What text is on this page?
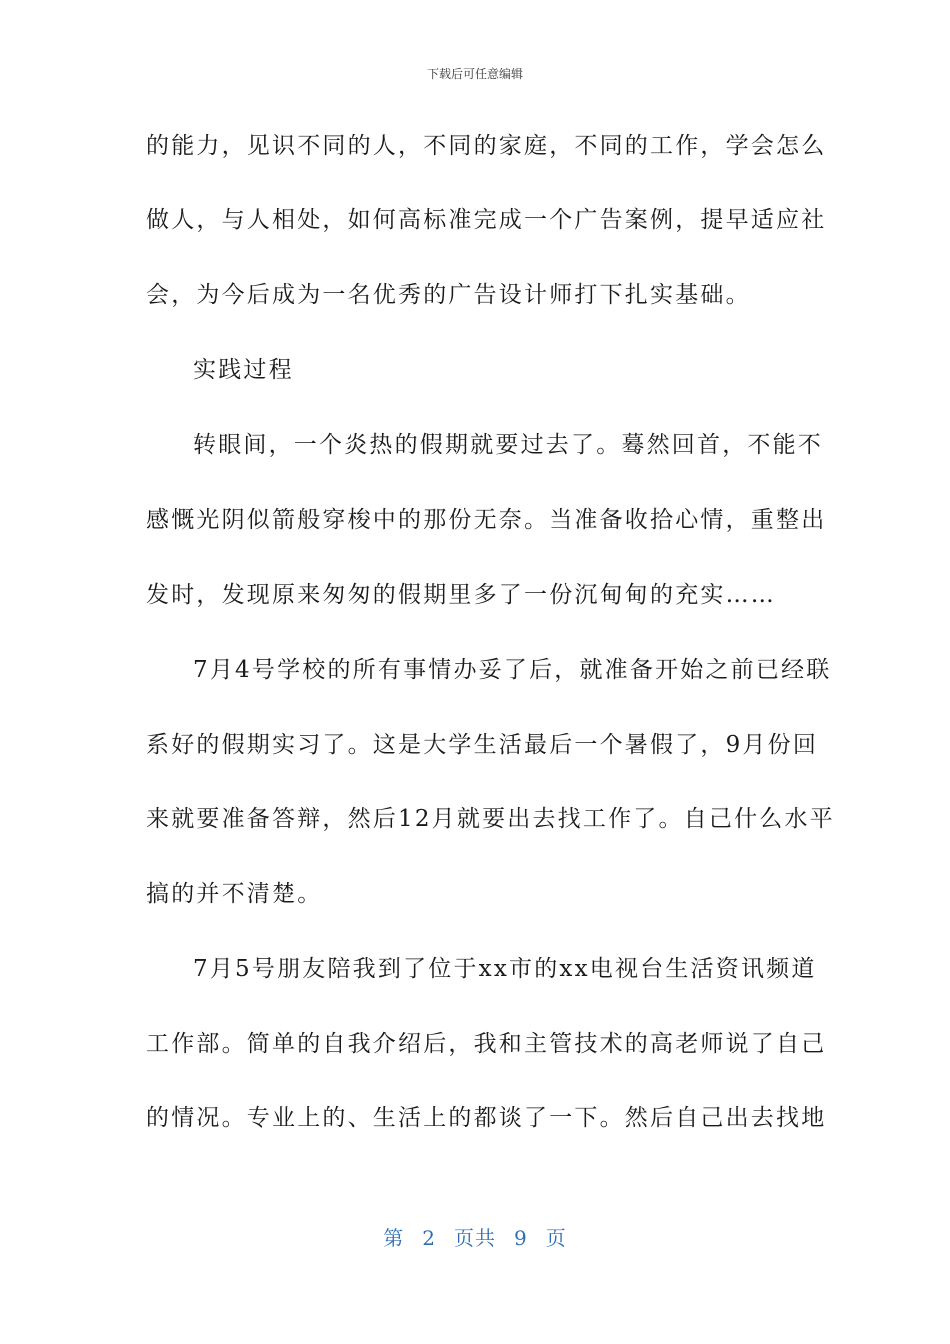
下载后可任意编辑
的能力，见识不同的人，不同的家庭，不同的工作，学会怎么
做人，与人相处，如何高标准完成一个广告案例，提早适应社
会，为今后成为一名优秀的广告设计师打下扎实基础。
实践过程
转眼间，一个炎热的假期就要过去了。蓦然回首，不能不
感慨光阴似箭般穿梭中的那份无奈。当准备收拾心情，重整出
发时，发现原来匆匆的假期里多了一份沉甸甸的充实……
7月4号学校的所有事情办妥了后，就准备开始之前已经联
系好的假期实习了。这是大学生活最后一个暑假了，9月份回
来就要准备答辩，然后12月就要出去找工作了。自己什么水平
搞的并不清楚。
7月5号朋友陪我到了位于xx市的xx电视台生活资讯频道
工作部。简单的自我介绍后，我和主管技术的高老师说了自己
的情况。专业上的、生活上的都谈了一下。然后自己出去找地
第 2 页共 9 页
